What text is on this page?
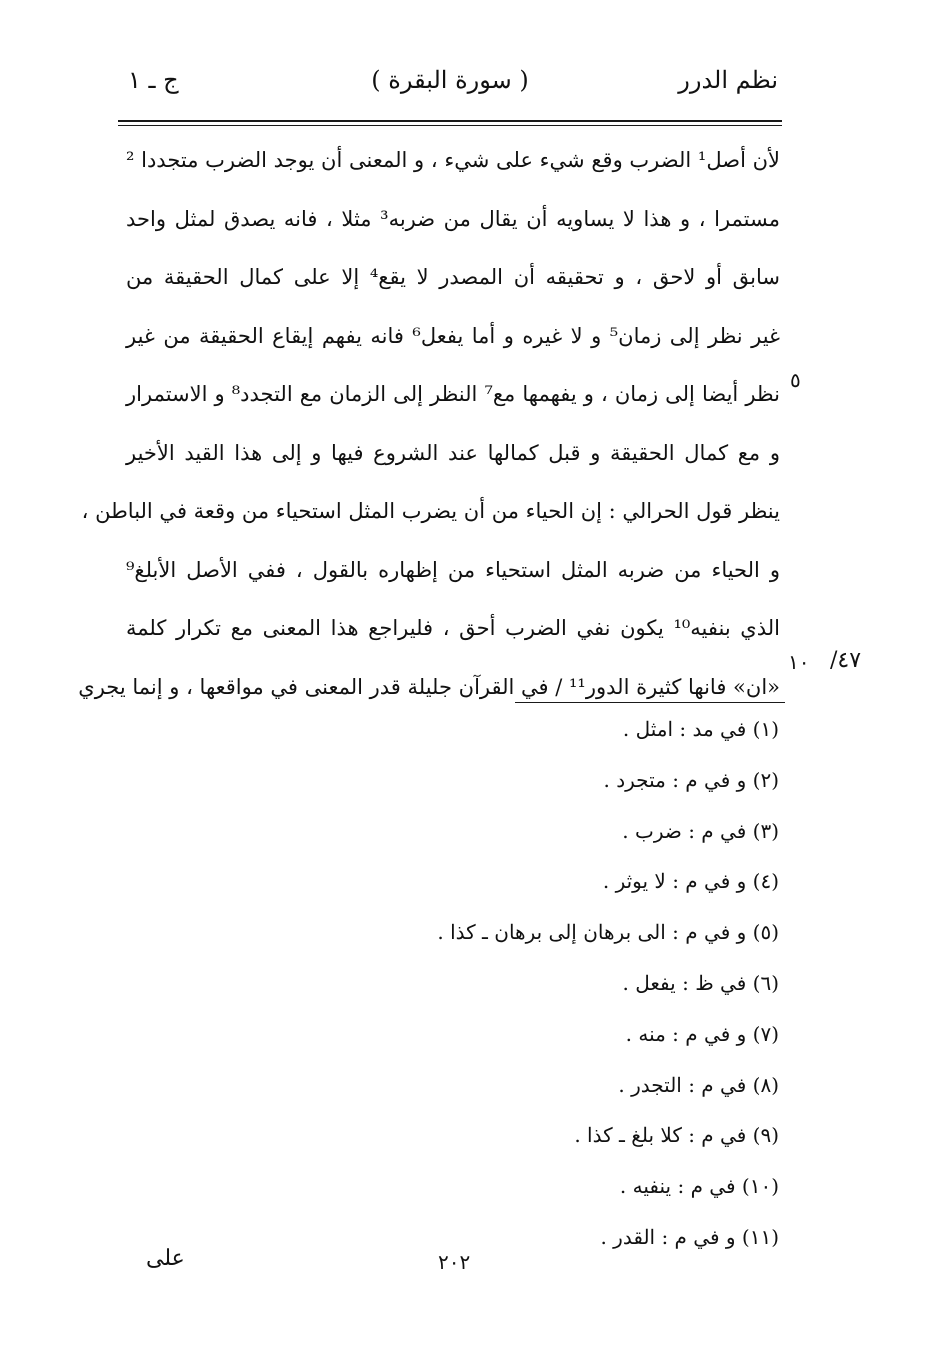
نظم الدرر
( سورة البقرة )
ج ـ ١
لأن أصل¹ الضرب وقع شيء على شيء ، و المعنى أن يوجد الضرب متجددا ²
مستمرا ، و هذا لا يساويه أن يقال من ضربه³ مثلا ، فانه يصدق لمثل واحد
سابق أو لاحق ، و تحقيقه أن المصدر لا يقع⁴ إلا على كمال الحقيقة من
غير نظر إلى زمان⁵ و لا غيره و أما يفعل⁶ فانه يفهم إيقاع الحقيقة من غير
نظر أيضا إلى زمان ، و يفهمها مع⁷ النظر إلى الزمان مع التجدد⁸ و الاستمرار
و مع كمال الحقيقة و قبل كمالها عند الشروع فيها و إلى هذا القيد الأخير
ينظر قول الحرالي : إن الحياء من أن يضرب المثل استحياء من وقعة في الباطن ،
و الحياء من ضربه المثل استحياء من إظهاره بالقول ، ففي الأصل الأبلغ⁹
الذي بنفيه¹⁰ يكون نفي الضرب أحق ، فليراجع هذا المعنى مع تكرار كلمة
«ان» فانها كثيرة الدور¹¹ / في القرآن جليلة قدر المعنى في مواقعها ، و إنما يجري
٥
١٠ ٤٧/
(١) في مد : امثل .
(٢) و في م : متجرد .
(٣) في م : ضرب .
(٤) و في م : لا يوثر .
(٥) و في م : الى برهان إلى برهان ـ كذا .
(٦) في ظ : يفعل .
(٧) و في م : منه .
(٨) في م : التجدر .
(٩) في م : كلا بلغ ـ كذا .
(١٠) في م : ينفيه .
(١١) و في م : القدر .
على	٢٠٢
